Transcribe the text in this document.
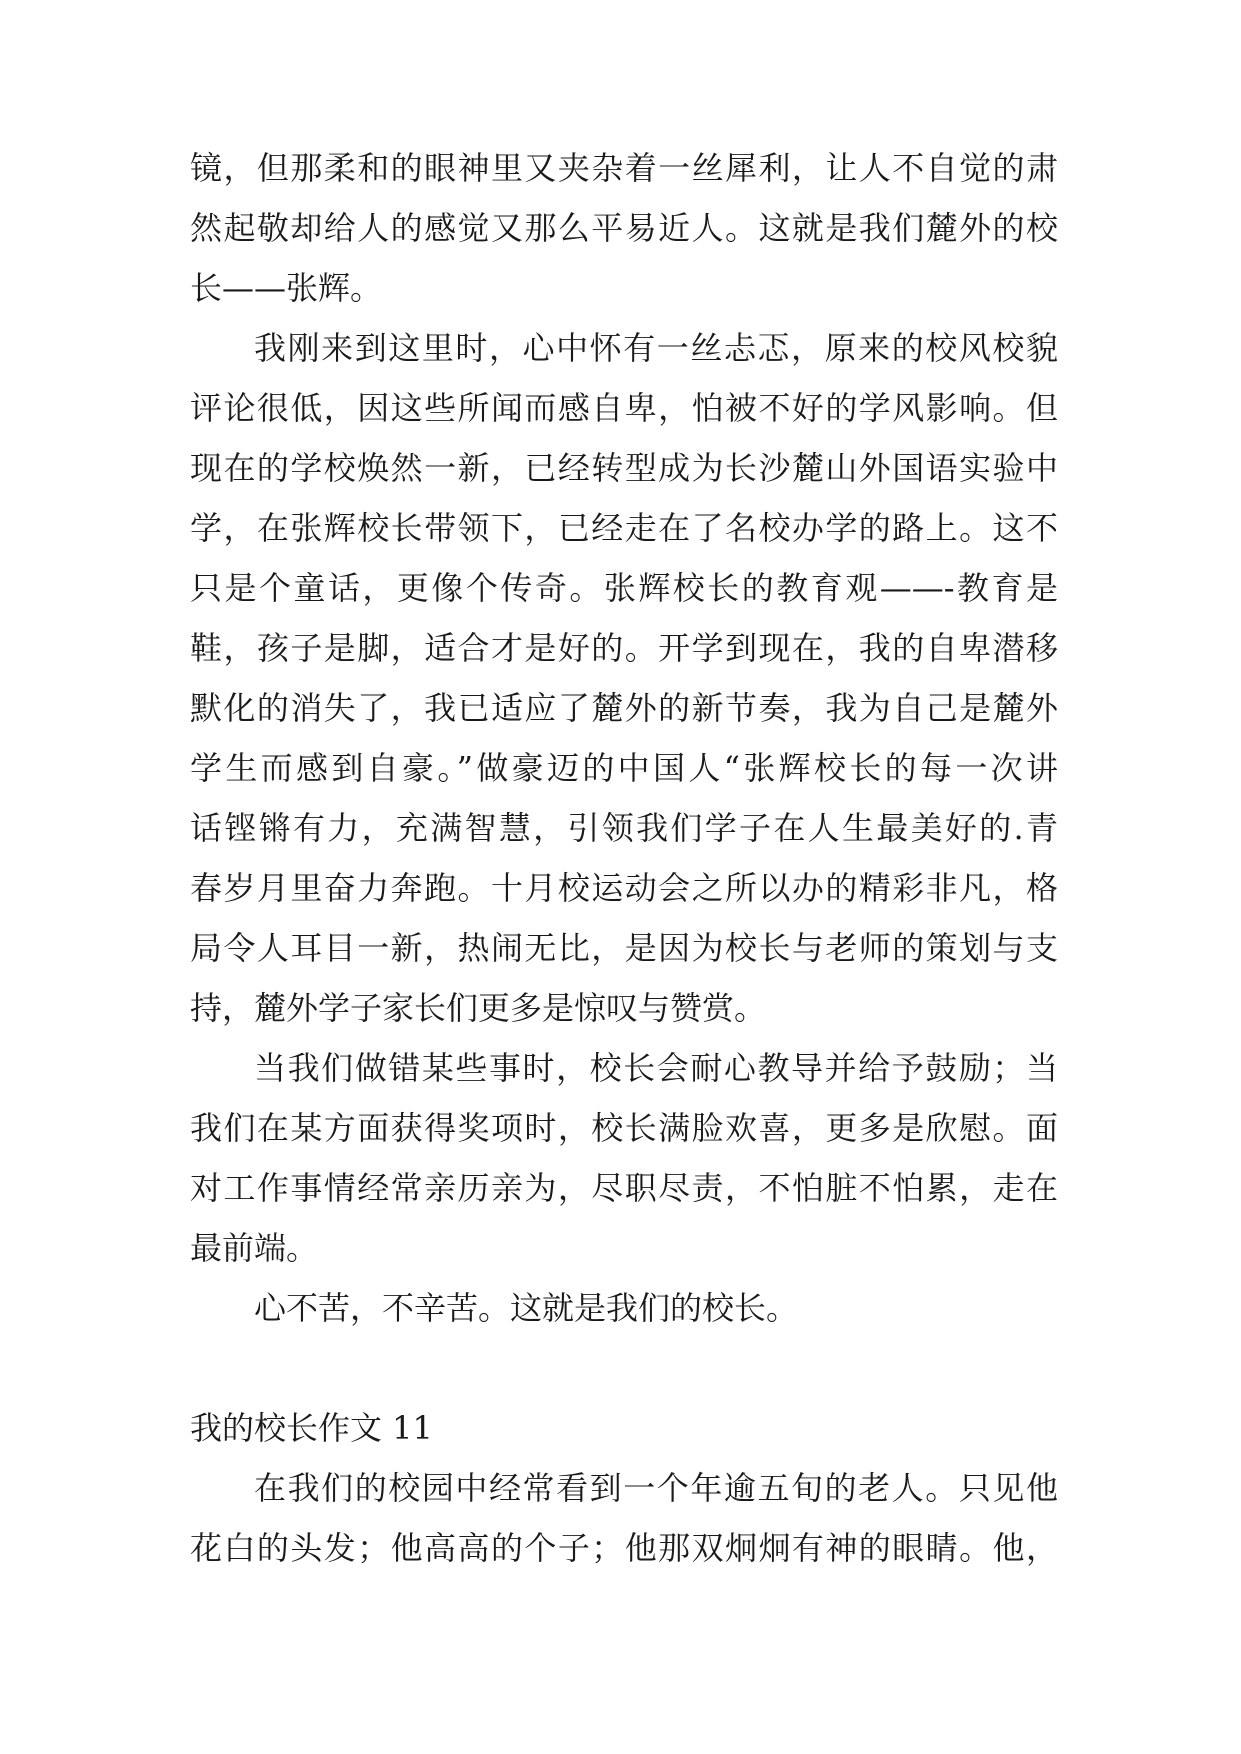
镜，但那柔和的眼神里又夹杂着一丝犀利，让人不自觉的肃
然起敬却给人的感觉又那么平易近人。这就是我们麓外的校
长——张辉。
我刚来到这里时，心中怀有一丝忐忑，原来的校风校貌
评论很低，因这些所闻而感自卑，怕被不好的学风影响。但
现在的学校焕然一新，已经转型成为长沙麓山外国语实验中
学，在张辉校长带领下，已经走在了名校办学的路上。这不
只是个童话，更像个传奇。张辉校长的教育观——-教育是
鞋，孩子是脚，适合才是好的。开学到现在，我的自卑潜移
默化的消失了，我已适应了麓外的新节奏，我为自己是麓外
学生而感到自豪。”做豪迈的中国人“张辉校长的每一次讲
话铿锵有力，充满智慧，引领我们学子在人生最美好的.青
春岁月里奋力奔跑。十月校运动会之所以办的精彩非凡，格
局令人耳目一新，热闹无比，是因为校长与老师的策划与支
持，麓外学子家长们更多是惊叹与赞赏。
当我们做错某些事时，校长会耐心教导并给予鼓励；当
我们在某方面获得奖项时，校长满脸欢喜，更多是欣慰。面
对工作事情经常亲历亲为，尽职尽责，不怕脏不怕累，走在
最前端。
心不苦，不辛苦。这就是我们的校长。
我的校长作文 11
在我们的校园中经常看到一个年逾五旬的老人。只见他
花白的头发；他高高的个子；他那双炯炯有神的眼睛。他，
